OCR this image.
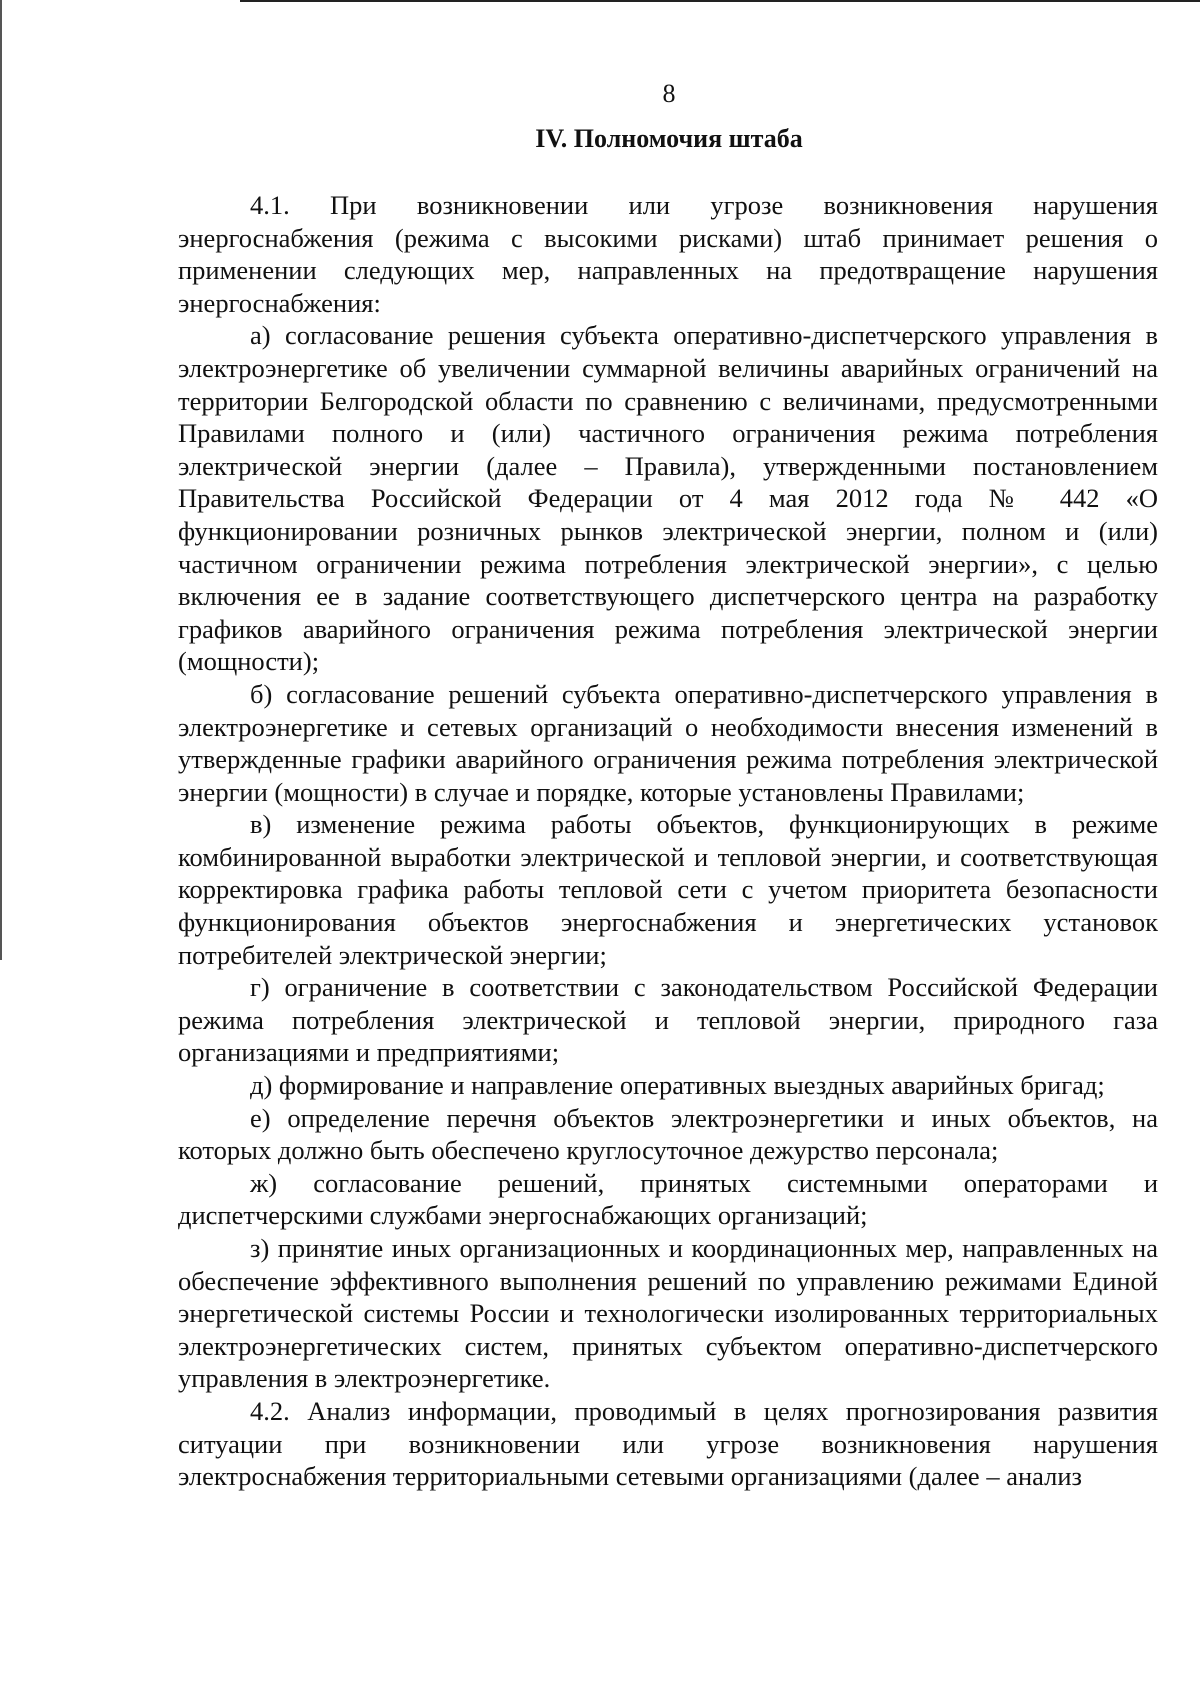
8
IV. Полномочия штаба

4.1. При возникновении или угрозе возникновения нарушения энергоснабжения (режима с высокими рисками) штаб принимает решения о применении следующих мер, направленных на предотвращение нарушения энергоснабжения:

а) согласование решения субъекта оперативно-диспетчерского управления в электроэнергетике об увеличении суммарной величины аварийных ограничений на территории Белгородской области по сравнению с величинами, предусмотренными Правилами полного и (или) частичного ограничения режима потребления электрической энергии (далее – Правила), утвержденными постановлением Правительства Российской Федерации от 4 мая 2012 года № 442 «О функционировании розничных рынков электрической энергии, полном и (или) частичном ограничении режима потребления электрической энергии», с целью включения ее в задание соответствующего диспетчерского центра на разработку графиков аварийного ограничения режима потребления электрической энергии (мощности);

б) согласование решений субъекта оперативно-диспетчерского управления в электроэнергетике и сетевых организаций о необходимости внесения изменений в утвержденные графики аварийного ограничения режима потребления электрической энергии (мощности) в случае и порядке, которые установлены Правилами;

в) изменение режима работы объектов, функционирующих в режиме комбинированной выработки электрической и тепловой энергии, и соответствующая корректировка графика работы тепловой сети с учетом приоритета безопасности функционирования объектов энергоснабжения и энергетических установок потребителей электрической энергии;

г) ограничение в соответствии с законодательством Российской Федерации режима потребления электрической и тепловой энергии, природного газа организациями и предприятиями;

д) формирование и направление оперативных выездных аварийных бригад;

е) определение перечня объектов электроэнергетики и иных объектов, на которых должно быть обеспечено круглосуточное дежурство персонала;

ж) согласование решений, принятых системными операторами и диспетчерскими службами энергоснабжающих организаций;

з) принятие иных организационных и координационных мер, направленных на обеспечение эффективного выполнения решений по управлению режимами Единой энергетической системы России и технологически изолированных территориальных электроэнергетических систем, принятых субъектом оперативно-диспетчерского управления в электроэнергетике.

4.2. Анализ информации, проводимый в целях прогнозирования развития ситуации при возникновении или угрозе возникновения нарушения электроснабжения территориальными сетевыми организациями (далее – анализ
